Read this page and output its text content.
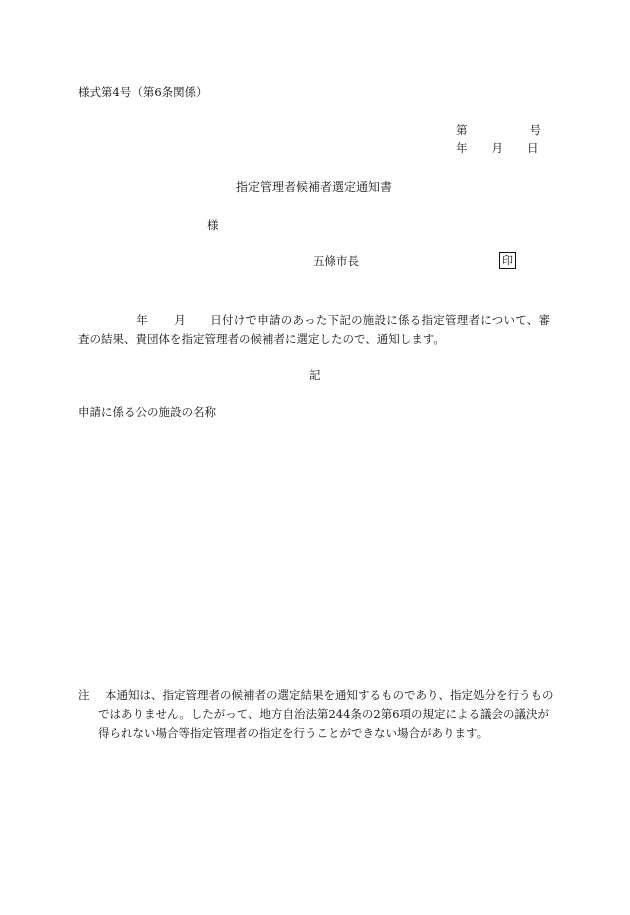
様式第4号（第6条関係）
第	号
年 月 日
指定管理者候補者選定通知書
様
五條市長	印
年 月 日付けで申請のあった下記の施設に係る指定管理者について、審査の結果、貴団体を指定管理者の候補者に選定したので、通知します。
記
申請に係る公の施設の名称
注	本通知は、指定管理者の候補者の選定結果を通知するものであり、指定処分を行うものではありません。したがって、地方自治法第244条の2第6項の規定による議会の議決が得られない場合等指定管理者の指定を行うことができない場合があります。
